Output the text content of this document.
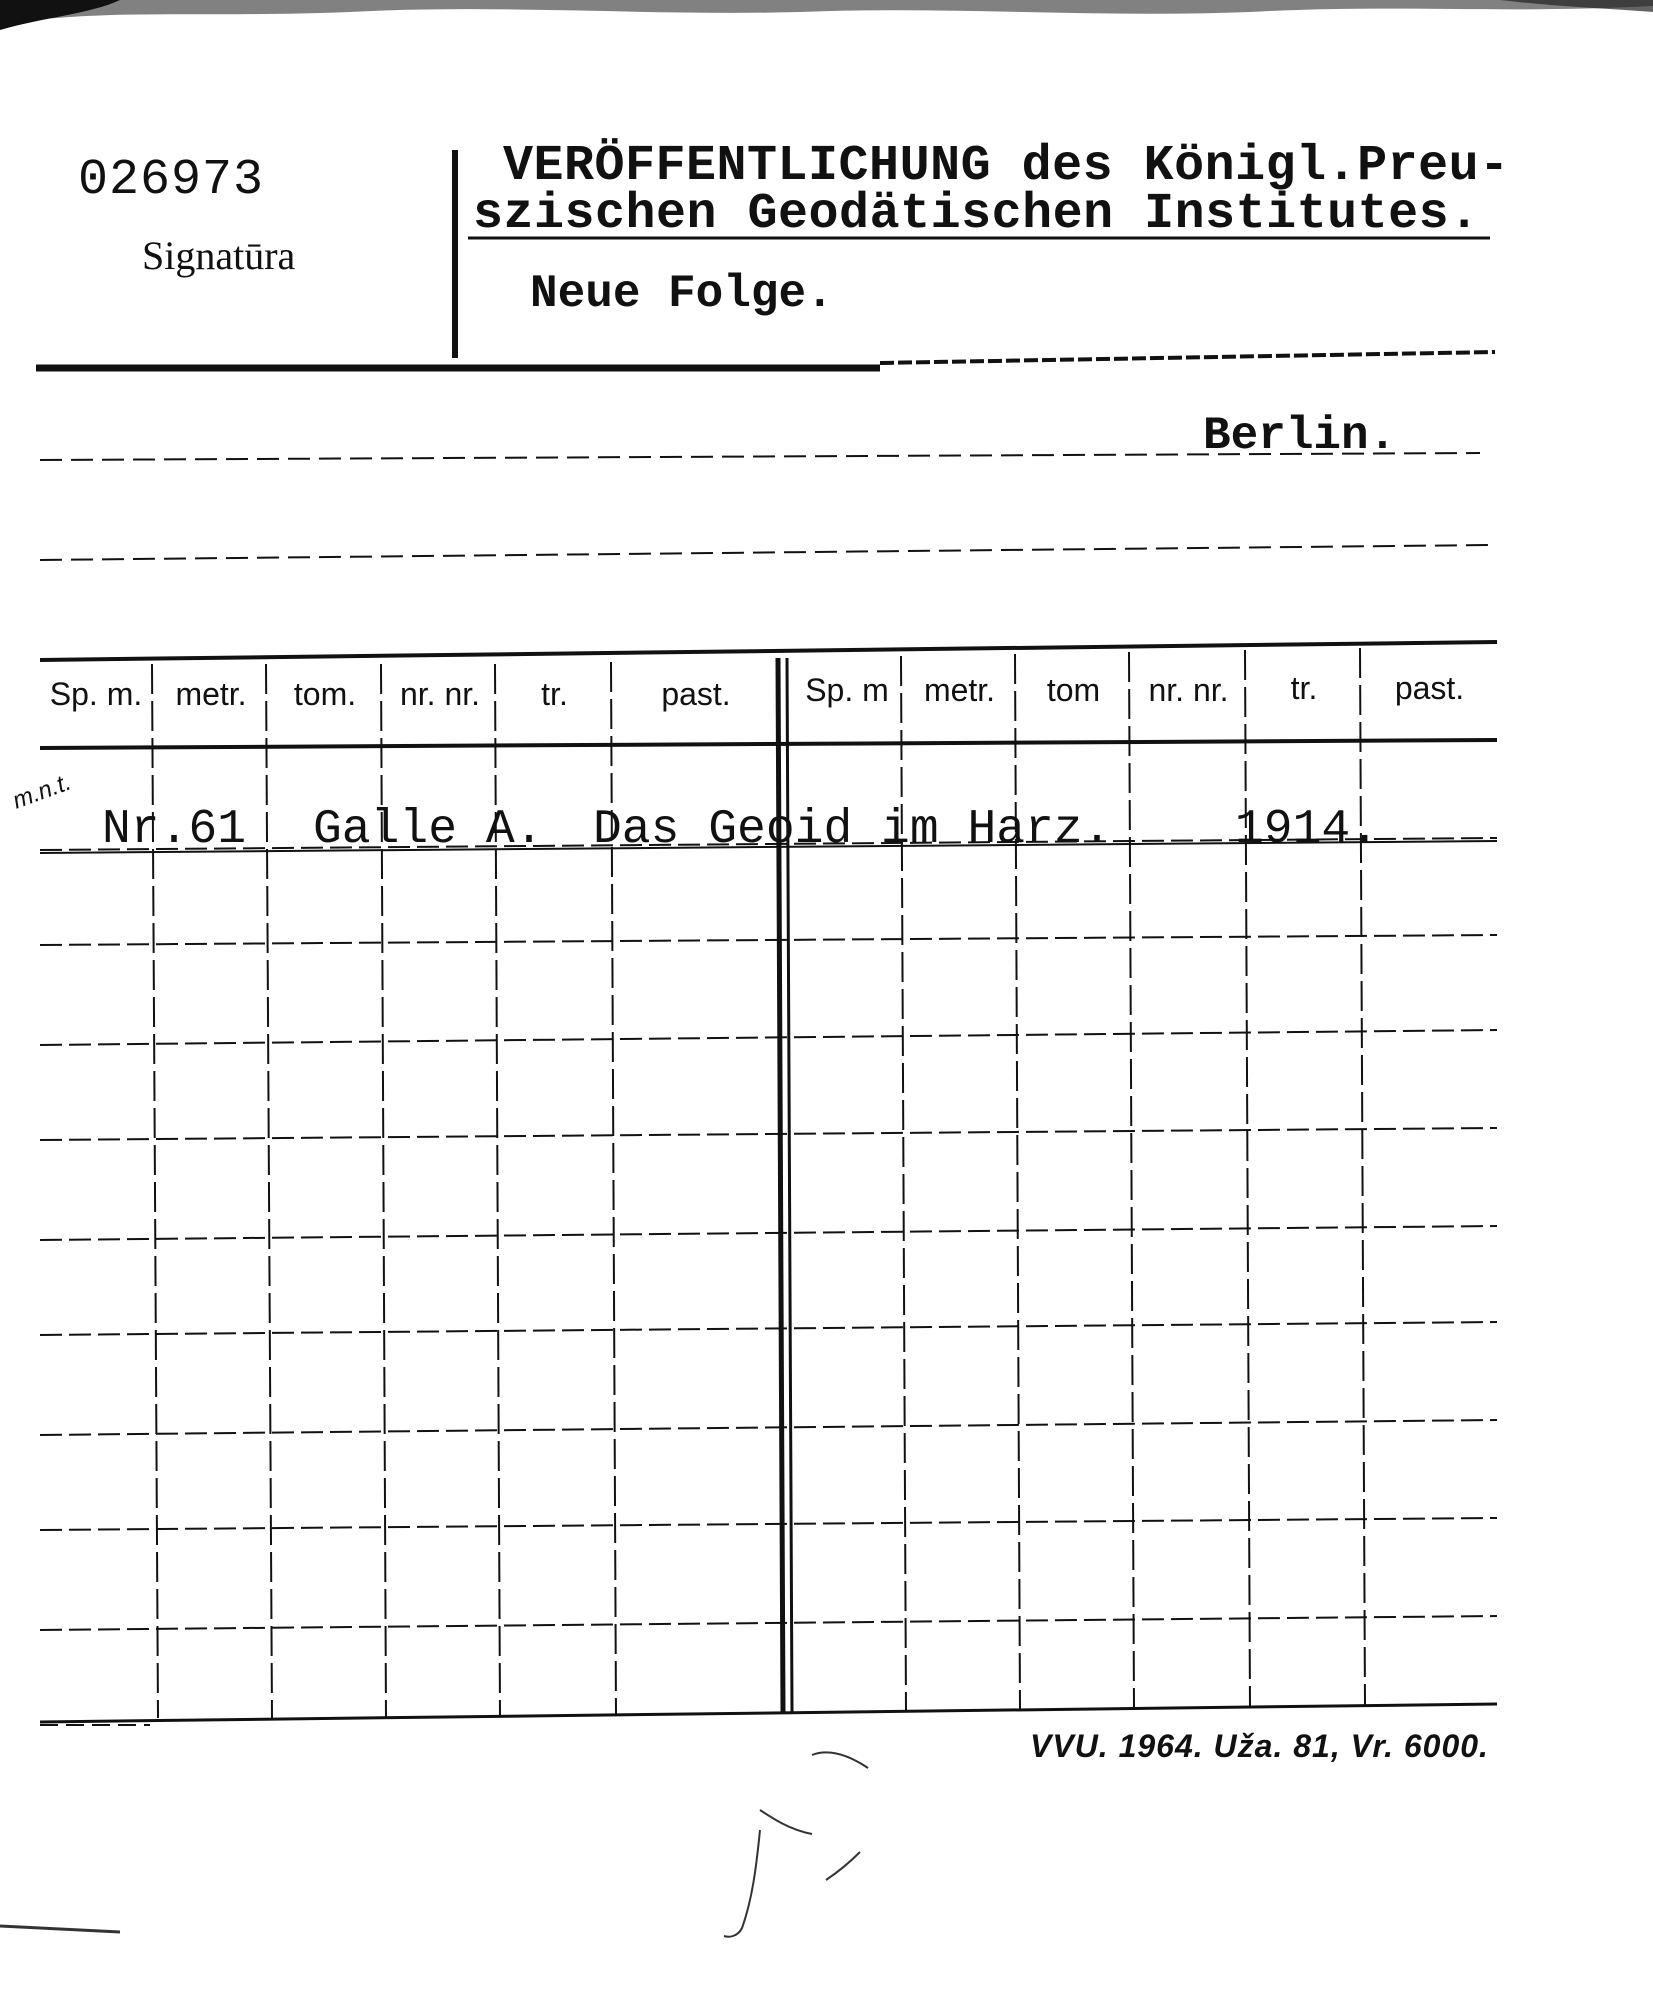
026973
Signatūra
VERÖFFENTLICHUNG des Königl.Preu-
szischen Geodätischen Institutes.
Neue Folge.
Berlin.
Sp. m.	metr.	tom.	nr. nr.	tr.	past.	Sp. m	metr.	tom	nr. nr.	tr.	past.
m.n.t.
Nr.61 Galle A. Das Geoid im Harz.	1914.
VVU. 1964. Uža. 81, Vr. 6000.
